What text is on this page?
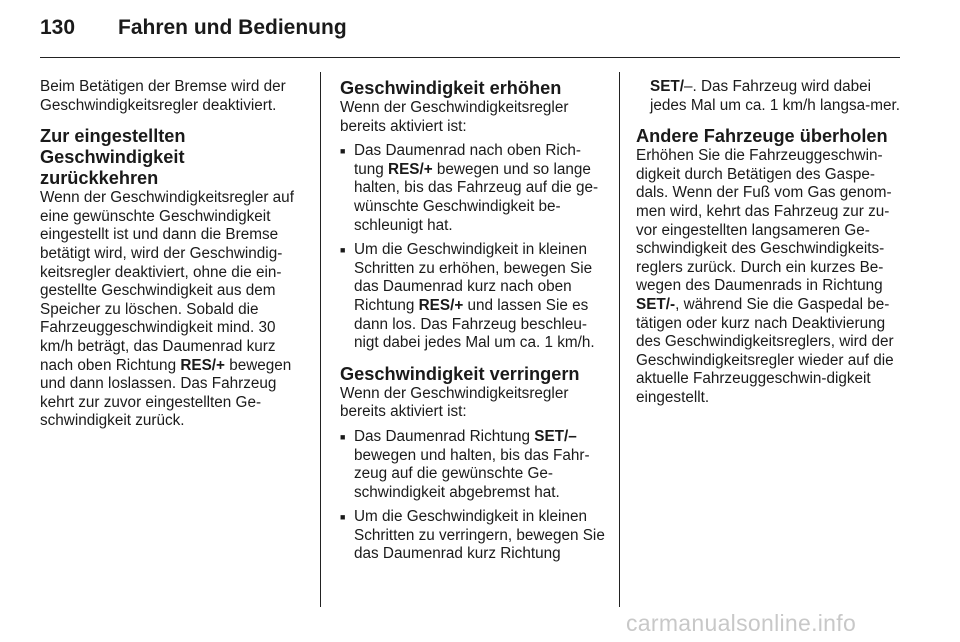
130 Fahren und Bedienung

Beim Betätigen der Bremse wird der Geschwindigkeitsregler deaktiviert.

Zur eingestellten Geschwindigkeit zurückkehren

Wenn der Geschwindigkeitsregler auf eine gewünschte Geschwindigkeit eingestellt ist und dann die Bremse betätigt wird, wird der Geschwindig-keitsregler deaktiviert, ohne die ein-gestellte Geschwindigkeit aus dem Speicher zu löschen. Sobald die Fahrzeuggeschwindigkeit mind. 30 km/h beträgt, das Daumenrad kurz nach oben Richtung RES/+ bewegen und dann loslassen. Das Fahrzeug kehrt zur zuvor eingestellten Ge-schwindigkeit zurück.

Geschwindigkeit erhöhen

Wenn der Geschwindigkeitsregler bereits aktiviert ist:

■ Das Daumenrad nach oben Rich-tung RES/+ bewegen und so lange halten, bis das Fahrzeug auf die ge-wünschte Geschwindigkeit be-schleunigt hat.
■ Um die Geschwindigkeit in kleinen Schritten zu erhöhen, bewegen Sie das Daumenrad kurz nach oben Richtung RES/+ und lassen Sie es dann los. Das Fahrzeug beschleu-nigt dabei jedes Mal um ca. 1 km/h.
Geschwindigkeit verringern

Wenn der Geschwindigkeitsregler bereits aktiviert ist:

■ Das Daumenrad Richtung SET/– bewegen und halten, bis das Fahr-zeug auf die gewünschte Ge-schwindigkeit abgebremst hat.
■ Um die Geschwindigkeit in kleinen Schritten zu verringern, bewegen Sie das Daumenrad kurz Richtung

SET/–. Das Fahrzeug wird dabei jedes Mal um ca. 1 km/h langsa-mer.

Andere Fahrzeuge überholen

Erhöhen Sie die Fahrzeuggeschwin-digkeit durch Betätigen des Gaspe-dals. Wenn der Fuß vom Gas genom-men wird, kehrt das Fahrzeug zur zu-vor eingestellten langsameren Ge-schwindigkeit des Geschwindigkeits-reglers zurück. Durch ein kurzes Be-wegen des Daumenrads in Richtung SET/-, während Sie die Gaspedal be-tätigen oder kurz nach Deaktivierung des Geschwindigkeitsreglers, wird der Geschwindigkeitsregler wieder auf die aktuelle Fahrzeuggeschwin-digkeit eingestellt.

carmanualsonline.info
